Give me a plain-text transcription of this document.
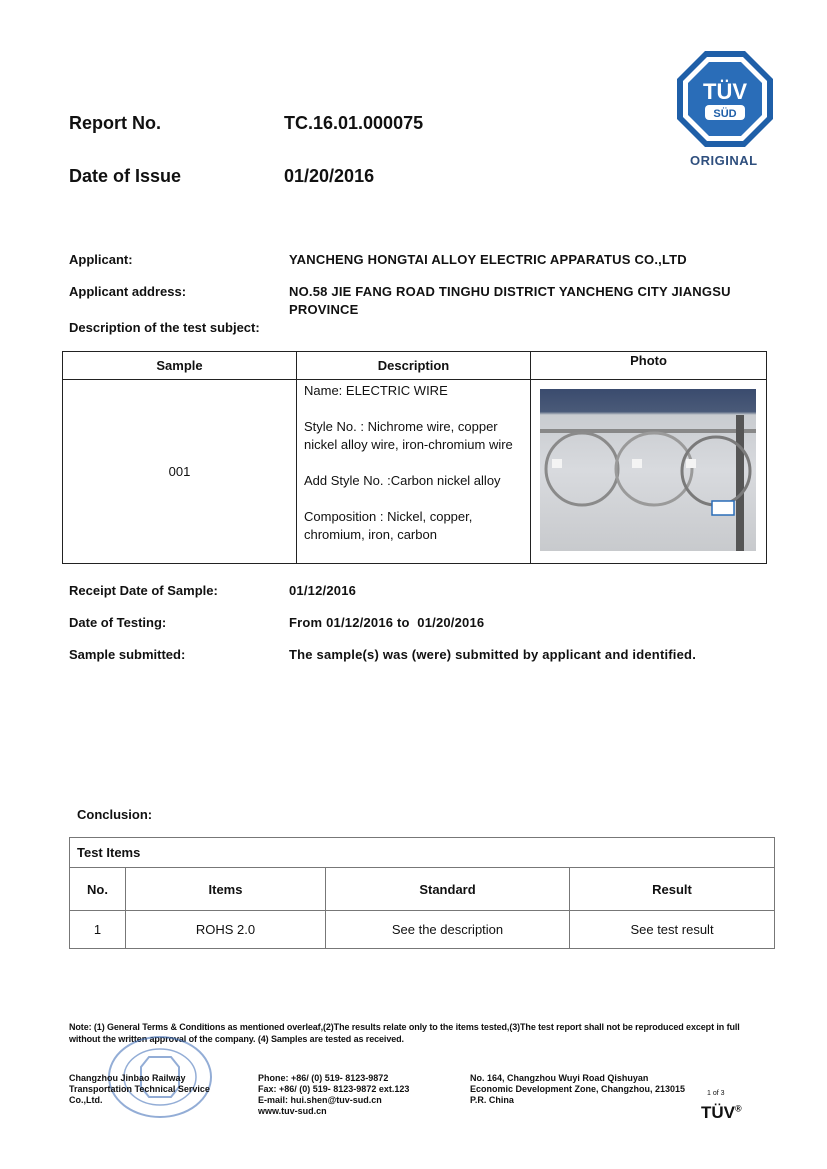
Report No.	TC.16.01.000075
Date of Issue	01/20/2016
TÜV
SÜD
ORIGINAL
Applicant:	YANCHENG HONGTAI ALLOY ELECTRIC APPARATUS CO.,LTD
Applicant address:	NO.58 JIE FANG ROAD TINGHU DISTRICT YANCHENG CITY JIANGSU
PROVINCE
Description of the test subject:
Sample	Description	Photo
001	Name: ELECTRIC WIRE

Style No. : Nichrome wire, copper nickel alloy wire, iron-chromium wire

Add Style No. :Carbon nickel alloy

Composition : Nickel, copper, chromium, iron, carbon

Receipt Date of Sample:	01/12/2016
Date of Testing:	From 01/12/2016 to  01/20/2016
Sample submitted:	The sample(s) was (were) submitted by applicant and identified.
Conclusion:
Test Items			
No.	Items	Standard	Result
1	ROHS 2.0	See the description	See test result
Note: (1) General Terms & Conditions as mentioned overleaf,(2)The results relate only to the items tested,(3)The test report shall not be reproduced except in full without the written approval of the company. (4) Samples are tested as received.
Changzhou Jinbao Railway
Transportation Technical Service
Co.,Ltd.
Phone: +86/ (0) 519- 8123-9872
Fax: +86/ (0) 519- 8123-9872 ext.123
E-mail: hui.shen@tuv-sud.cn
www.tuv-sud.cn
No. 164, Changzhou Wuyi Road Qishuyan
Economic Development Zone, Changzhou, 213015
P.R. China
1 of 3
TÜV®
